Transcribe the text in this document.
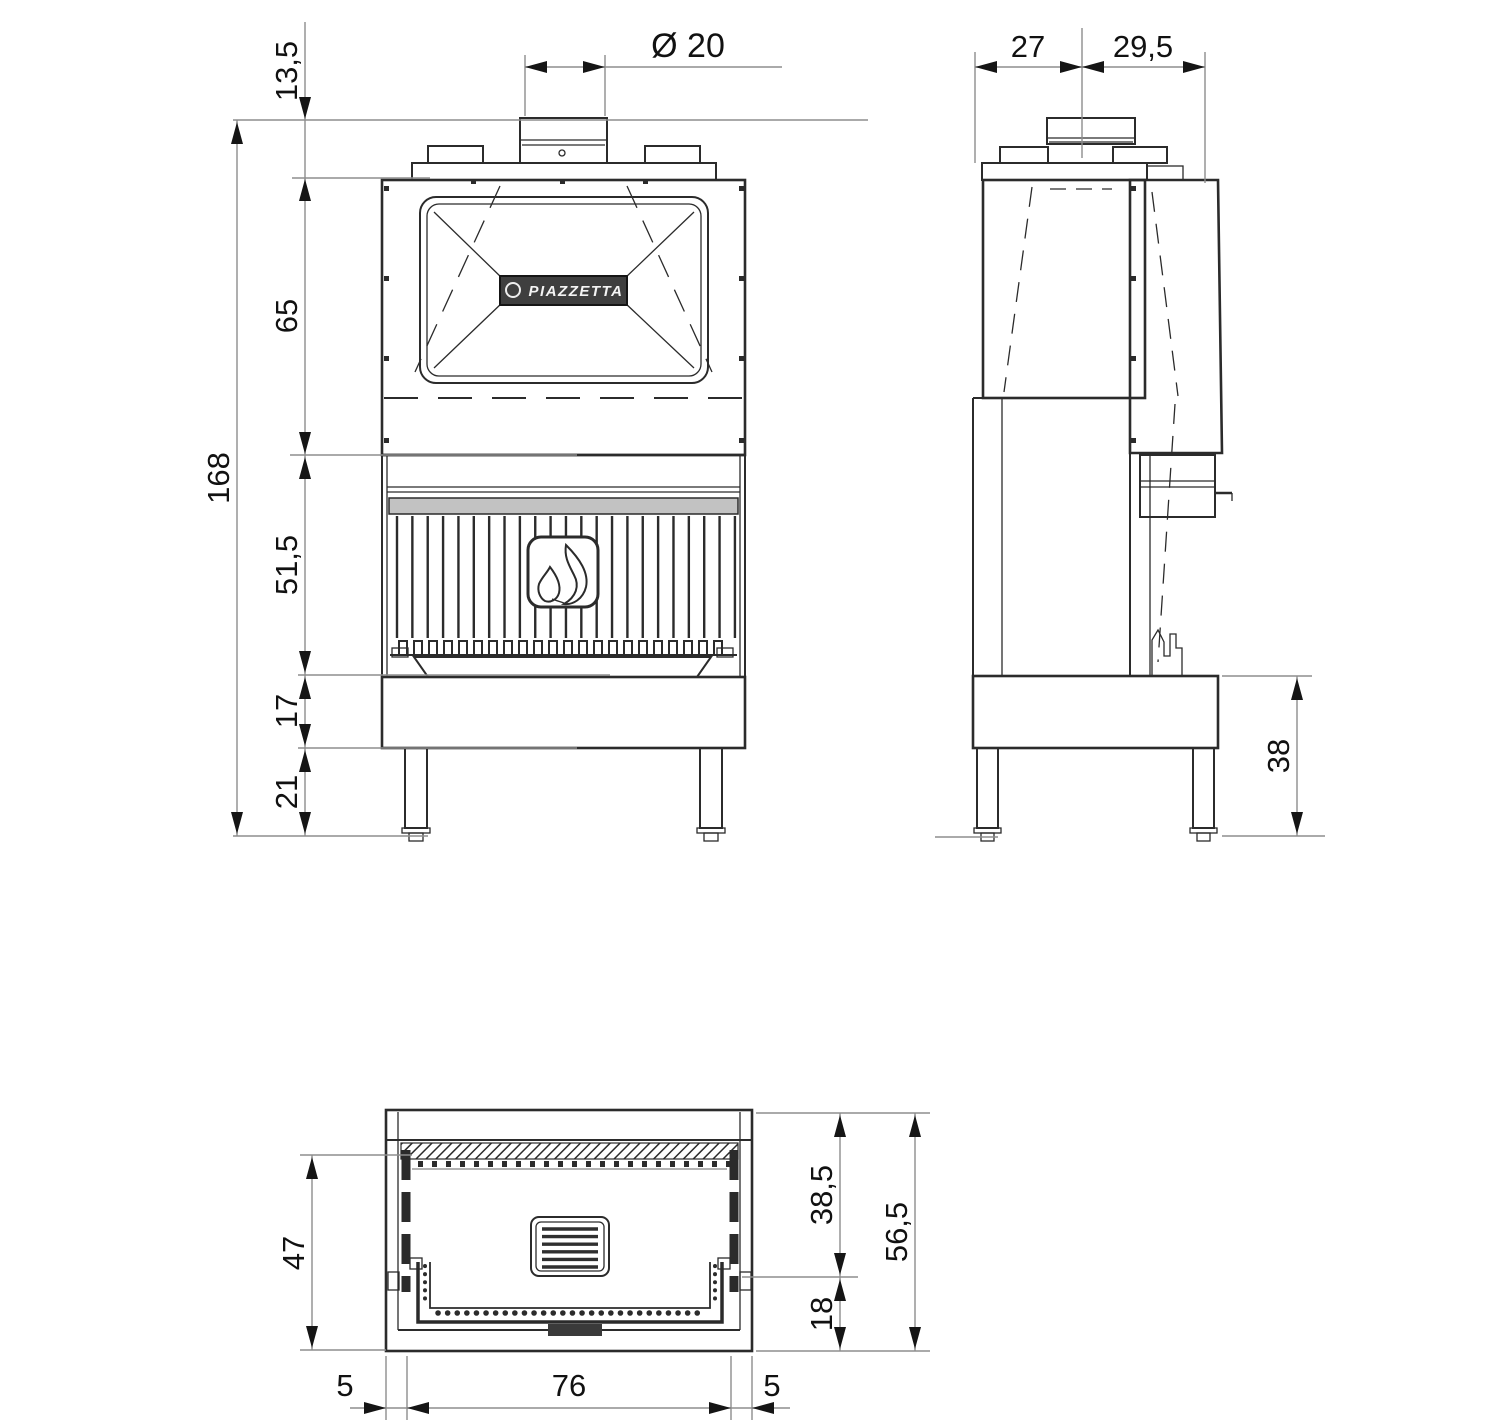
PIAZZETTA
13,5
168
65
51,5
17
21
38
47
38,5
18
56,5
Ø 20	27 29,5
5	76	5
